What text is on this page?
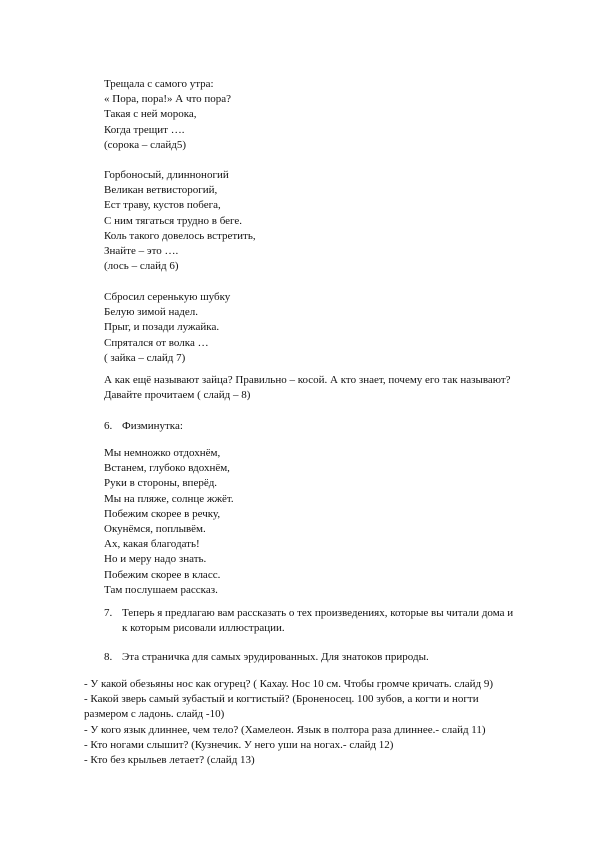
Трещала с самого утра:
« Пора, пора!» А что пора?
Такая с ней морока,
Когда трещит ….
(сорока – слайд5)
Горбоносый, длинноногий
Великан ветвисторогий,
Ест траву, кустов побега,
С ним тягаться трудно в беге.
Коль такого довелось встретить,
Знайте – это ….
(лось – слайд 6)
Сбросил серенькую шубку
Белую зимой надел.
Прыг, и позади лужайка.
Спрятался от волка …
( зайка – слайд 7)
А как ещё называют зайца? Правильно – косой. А кто знает, почему его так называют?
Давайте прочитаем ( слайд – 8)
6. Физминутка:
Мы немножко отдохнём,
Встанем, глубоко вдохнём,
Руки в стороны, вперёд.
Мы на пляже, солнце жжёт.
Побежим скорее в речку,
Окунёмся, поплывём.
Ах, какая благодать!
Но и меру надо знать.
Побежим скорее в класс.
Там послушаем рассказ.
7. Теперь я предлагаю вам рассказать о тех произведениях, которые вы читали дома и
к которым рисовали иллюстрации.
8. Эта страничка для самых эрудированных. Для знатоков природы.
- У какой обезьяны нос как огурец? ( Кахау. Нос 10 см. Чтобы громче кричать. слайд 9)
- Какой зверь самый зубастый и когтистый? (Броненосец. 100 зубов, а когти и ногти
размером с ладонь. слайд -10)
- У кого язык длиннее, чем тело? (Хамелеон. Язык в полтора раза длиннее.- слайд 11)
- Кто ногами слышит? (Кузнечик. У него уши на ногах.- слайд 12)
- Кто без крыльев летает? (слайд 13)
